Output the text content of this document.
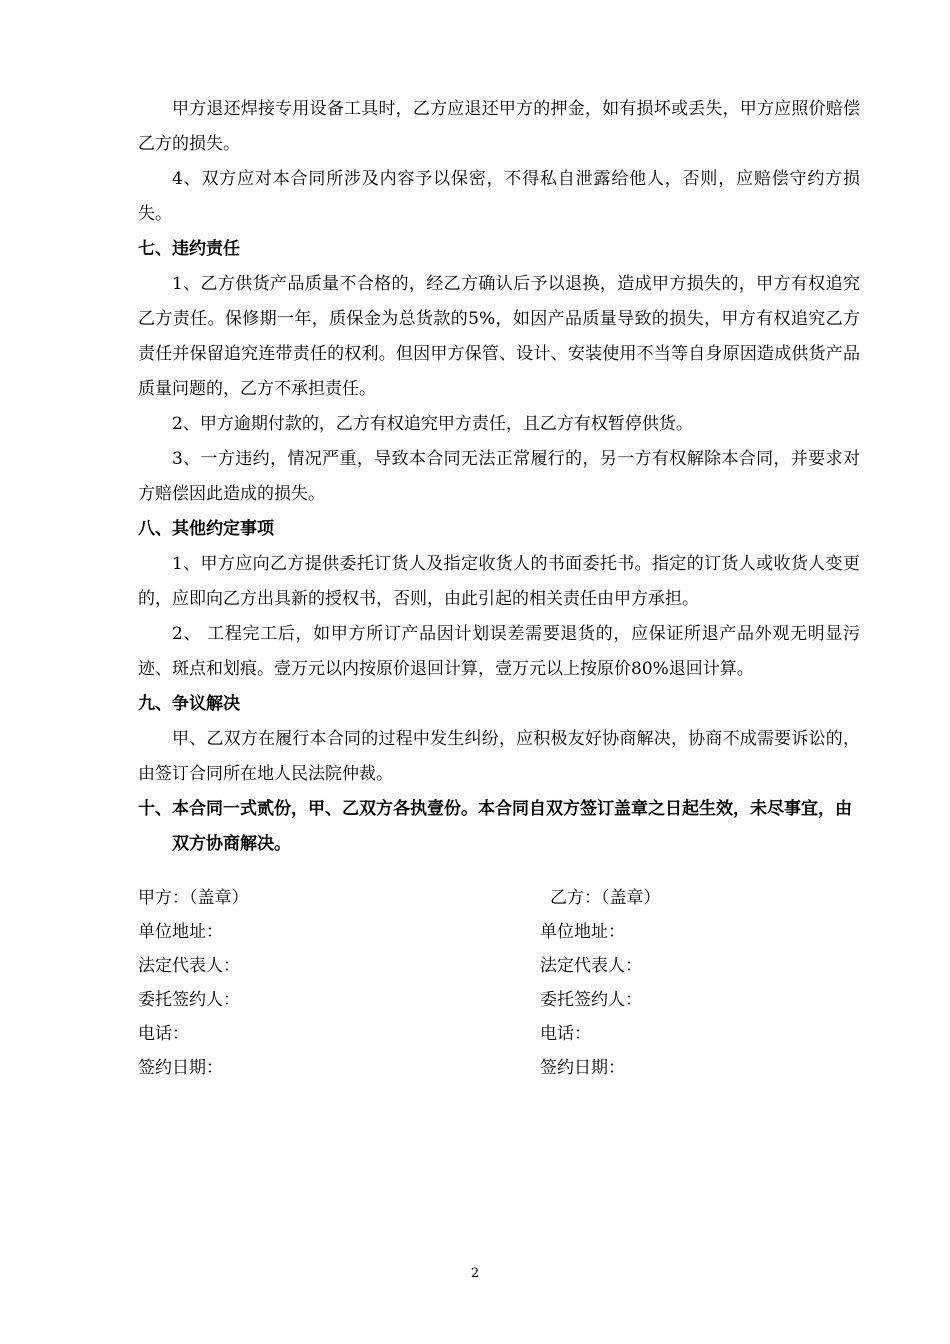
甲方退还焊接专用设备工具时，乙方应退还甲方的押金，如有损坏或丢失，甲方应照价赔偿乙方的损失。

4、双方应对本合同所涉及内容予以保密，不得私自泄露给他人，否则，应赔偿守约方损失。

七、违约责任

1、乙方供货产品质量不合格的，经乙方确认后予以退换，造成甲方损失的，甲方有权追究乙方责任。保修期一年，质保金为总货款的5%，如因产品质量导致的损失，甲方有权追究乙方责任并保留追究连带责任的权利。但因甲方保管、设计、安装使用不当等自身原因造成供货产品质量问题的，乙方不承担责任。

2、甲方逾期付款的，乙方有权追究甲方责任，且乙方有权暂停供货。

3、一方违约，情况严重，导致本合同无法正常履行的，另一方有权解除本合同，并要求对方赔偿因此造成的损失。

八、其他约定事项

1、甲方应向乙方提供委托订货人及指定收货人的书面委托书。指定的订货人或收货人变更的，应即向乙方出具新的授权书，否则，由此引起的相关责任由甲方承担。

2、 工程完工后，如甲方所订产品因计划误差需要退货的，应保证所退产品外观无明显污迹、斑点和划痕。壹万元以内按原价退回计算，壹万元以上按原价80%退回计算。

九、争议解决

甲、乙双方在履行本合同的过程中发生纠纷，应积极友好协商解决，协商不成需要诉讼的，由签订合同所在地人民法院仲裁。

十、本合同一式贰份，甲、乙双方各执壹份。本合同自双方签订盖章之日起生效，未尽事宜，由双方协商解决。

甲方：（盖章）
单位地址：
法定代表人：
委托签约人：
电话：
签约日期：
乙方：（盖章）
单位地址：
法定代表人：
委托签约人：
电话：
签约日期：
2
